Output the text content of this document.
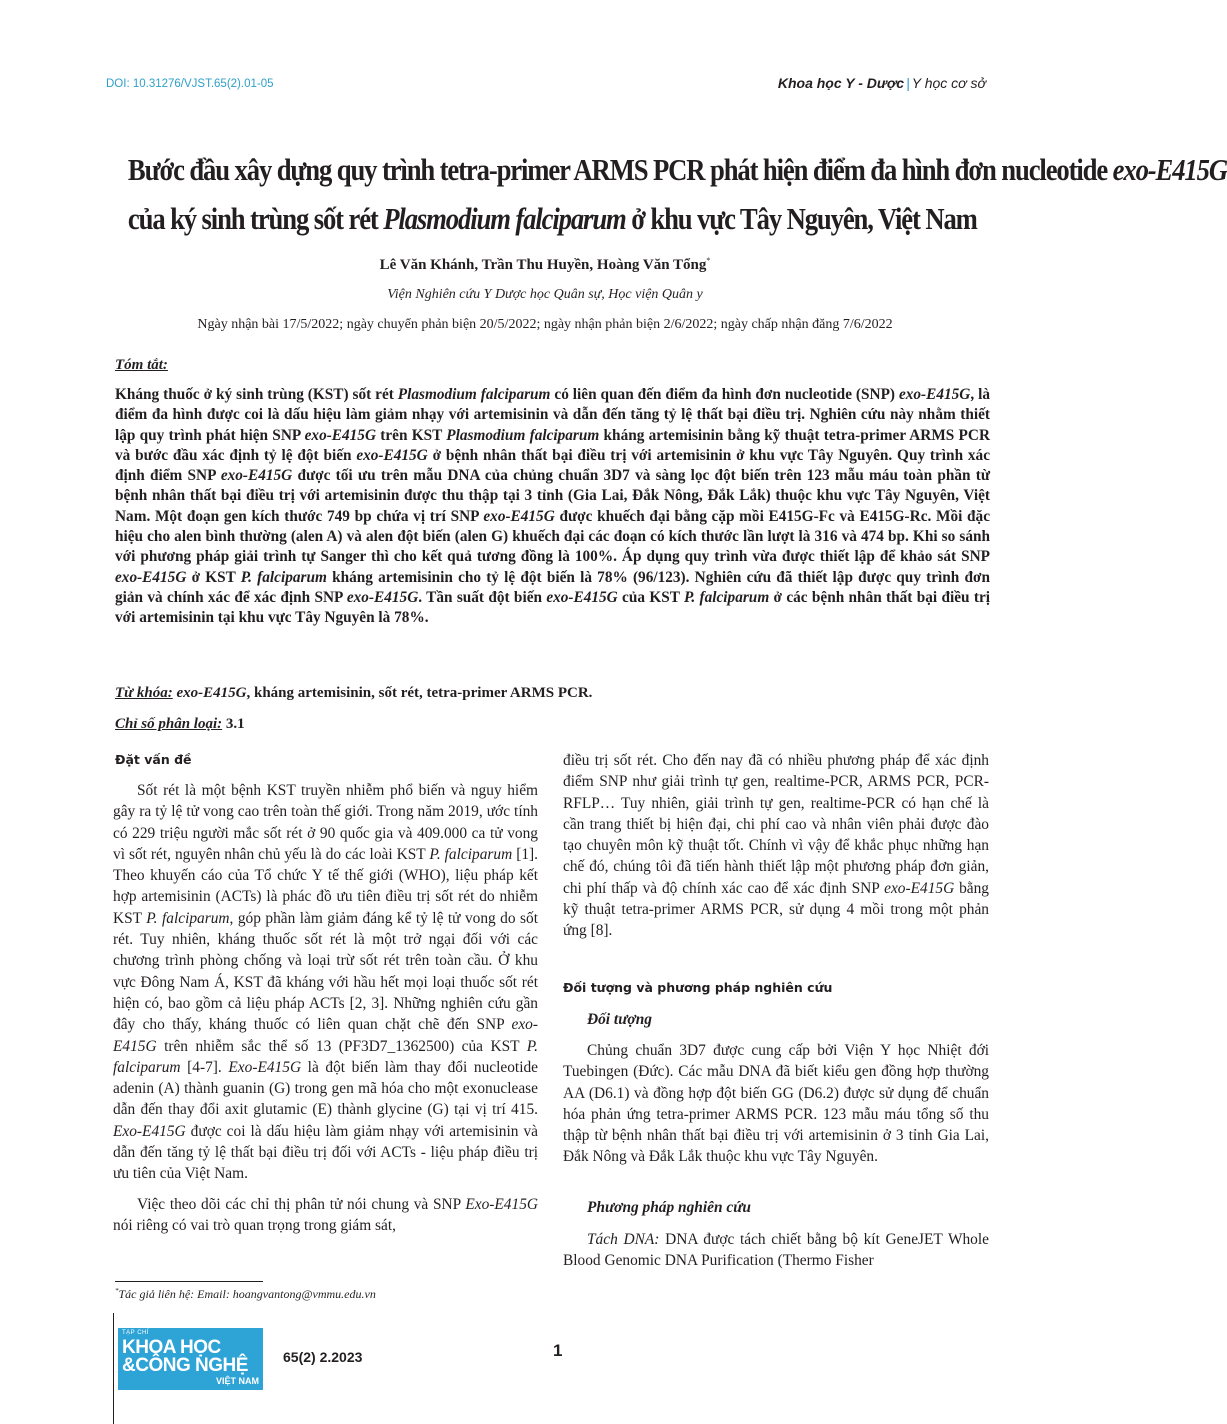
DOI: 10.31276/VJST.65(2).01-05	Khoa học Y - Dược | Y học cơ sở
Bước đầu xây dựng quy trình tetra-primer ARMS PCR phát hiện điểm đa hình đơn nucleotide exo-E415G
của ký sinh trùng sốt rét Plasmodium falciparum ở khu vực Tây Nguyên, Việt Nam
Lê Văn Khánh, Trần Thu Huyền, Hoàng Văn Tổng*
Viện Nghiên cứu Y Dược học Quân sự, Học viện Quân y
Ngày nhận bài 17/5/2022; ngày chuyển phản biện 20/5/2022; ngày nhận phản biện 2/6/2022; ngày chấp nhận đăng 7/6/2022
Tóm tắt:
Kháng thuốc ở ký sinh trùng (KST) sốt rét Plasmodium falciparum có liên quan đến điểm đa hình đơn nucleotide (SNP) exo-E415G, là điểm đa hình được coi là dấu hiệu làm giảm nhạy với artemisinin và dẫn đến tăng tỷ lệ thất bại điều trị. Nghiên cứu này nhằm thiết lập quy trình phát hiện SNP exo-E415G trên KST Plasmodium falciparum kháng artemisinin bằng kỹ thuật tetra-primer ARMS PCR và bước đầu xác định tỷ lệ đột biến exo-E415G ở bệnh nhân thất bại điều trị với artemisinin ở khu vực Tây Nguyên. Quy trình xác định điểm SNP exo-E415G được tối ưu trên mẫu DNA của chủng chuẩn 3D7 và sàng lọc đột biến trên 123 mẫu máu toàn phần từ bệnh nhân thất bại điều trị với artemisinin được thu thập tại 3 tỉnh (Gia Lai, Đắk Nông, Đắk Lắk) thuộc khu vực Tây Nguyên, Việt Nam. Một đoạn gen kích thước 749 bp chứa vị trí SNP exo-E415G được khuếch đại bằng cặp mồi E415G-Fc và E415G-Rc. Mồi đặc hiệu cho alen bình thường (alen A) và alen đột biến (alen G) khuếch đại các đoạn có kích thước lần lượt là 316 và 474 bp. Khi so sánh với phương pháp giải trình tự Sanger thì cho kết quả tương đồng là 100%. Áp dụng quy trình vừa được thiết lập để khảo sát SNP exo-E415G ở KST P. falciparum kháng artemisinin cho tỷ lệ đột biến là 78% (96/123). Nghiên cứu đã thiết lập được quy trình đơn giản và chính xác để xác định SNP exo-E415G. Tần suất đột biến exo-E415G của KST P. falciparum ở các bệnh nhân thất bại điều trị với artemisinin tại khu vực Tây Nguyên là 78%.
Từ khóa: exo-E415G, kháng artemisinin, sốt rét, tetra-primer ARMS PCR.
Chỉ số phân loại: 3.1
Đặt vấn đề

Sốt rét là một bệnh KST truyền nhiễm phổ biến và nguy hiểm gây ra tỷ lệ tử vong cao trên toàn thế giới. Trong năm 2019, ước tính có 229 triệu người mắc sốt rét ở 90 quốc gia và 409.000 ca tử vong vì sốt rét, nguyên nhân chủ yếu là do các loài KST P. falciparum [1]. Theo khuyến cáo của Tổ chức Y tế thế giới (WHO), liệu pháp kết hợp artemisinin (ACTs) là phác đồ ưu tiên điều trị sốt rét do nhiễm KST P. falciparum, góp phần làm giảm đáng kể tỷ lệ tử vong do sốt rét. Tuy nhiên, kháng thuốc sốt rét là một trở ngại đối với các chương trình phòng chống và loại trừ sốt rét trên toàn cầu. Ở khu vực Đông Nam Á, KST đã kháng với hầu hết mọi loại thuốc sốt rét hiện có, bao gồm cả liệu pháp ACTs [2, 3]. Những nghiên cứu gần đây cho thấy, kháng thuốc có liên quan chặt chẽ đến SNP exo-E415G trên nhiễm sắc thể số 13 (PF3D7_1362500) của KST P. falciparum [4-7]. Exo-E415G là đột biến làm thay đổi nucleotide adenin (A) thành guanin (G) trong gen mã hóa cho một exonuclease dẫn đến thay đổi axit glutamic (E) thành glycine (G) tại vị trí 415. Exo-E415G được coi là dấu hiệu làm giảm nhạy với artemisinin và dẫn đến tăng tỷ lệ thất bại điều trị đối với ACTs - liệu pháp điều trị ưu tiên của Việt Nam.

Việc theo dõi các chỉ thị phân tử nói chung và SNP Exo-E415G nói riêng có vai trò quan trọng trong giám sát,

điều trị sốt rét. Cho đến nay đã có nhiều phương pháp để xác định điểm SNP như giải trình tự gen, realtime-PCR, ARMS PCR, PCR-RFLP… Tuy nhiên, giải trình tự gen, realtime-PCR có hạn chế là cần trang thiết bị hiện đại, chi phí cao và nhân viên phải được đào tạo chuyên môn kỹ thuật tốt. Chính vì vậy để khắc phục những hạn chế đó, chúng tôi đã tiến hành thiết lập một phương pháp đơn giản, chi phí thấp và độ chính xác cao để xác định SNP exo-E415G bằng kỹ thuật tetra-primer ARMS PCR, sử dụng 4 mồi trong một phản ứng [8].
Đối tượng và phương pháp nghiên cứu
Đối tượng
Chủng chuẩn 3D7 được cung cấp bởi Viện Y học Nhiệt đới Tuebingen (Đức). Các mẫu DNA đã biết kiểu gen đồng hợp thường AA (D6.1) và đồng hợp đột biến GG (D6.2) được sử dụng để chuẩn hóa phản ứng tetra-primer ARMS PCR. 123 mẫu máu tổng số thu thập từ bệnh nhân thất bại điều trị với artemisinin ở 3 tỉnh Gia Lai, Đắk Nông và Đắk Lắk thuộc khu vực Tây Nguyên.
Phương pháp nghiên cứu
Tách DNA: DNA được tách chiết bằng bộ kít GeneJET Whole Blood Genomic DNA Purification (Thermo Fisher
*Tác giả liên hệ: Email: hoangvantong@vmmu.edu.vn
TẠP CHÍ
KHOA HỌC
&CÔNG NGHỆ
VIỆT NAM
65(2) 2.2023	1
